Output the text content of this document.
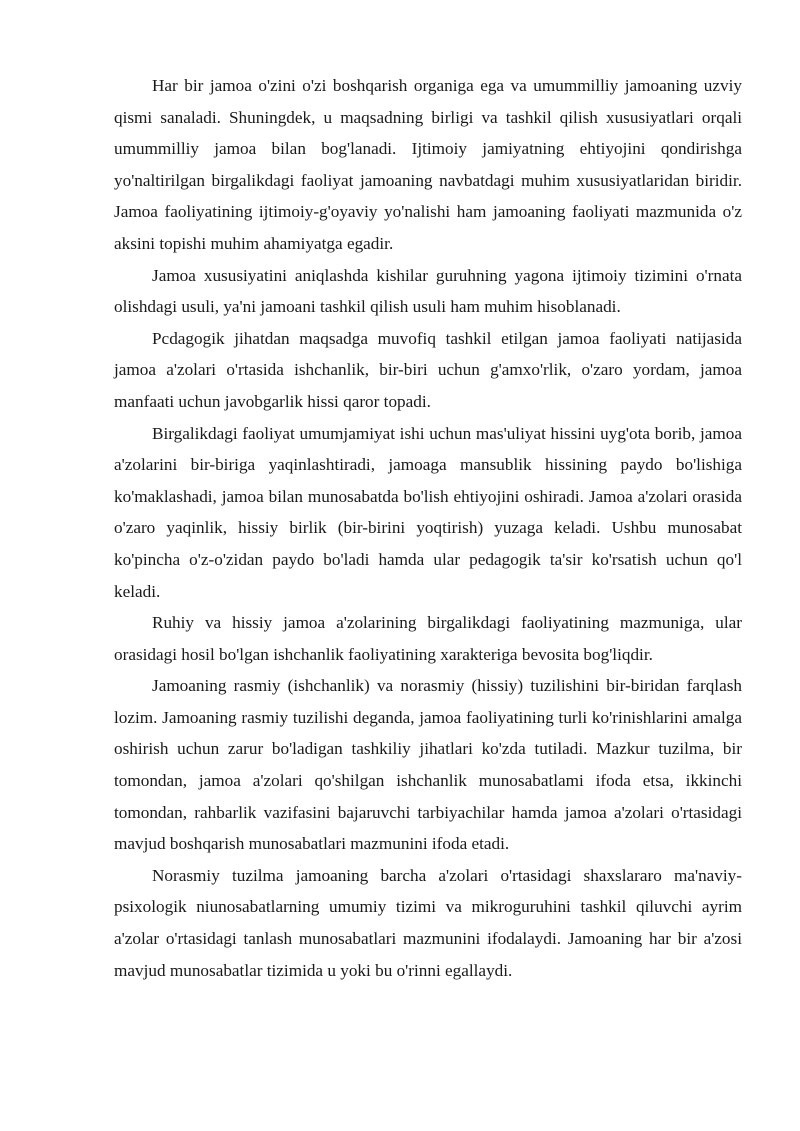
Har bir jamoa o'zini o'zi boshqarish organiga ega va umummilliy jamoaning uzviy qismi sanaladi. Shuningdek, u maqsadning birligi va tashkil qilish xususiyatlari orqali umummilliy jamoa bilan bog'lanadi. Ijtimoiy jamiyatning ehtiyojini qondirishga yo'naltirilgan birgalikdagi faoliyat jamoaning navbatdagi muhim xususiyatlaridan biridir. Jamoa faoliyatining ijtimoiy-g'oyaviy yo'nalishi ham jamoaning faoliyati mazmunida o'z aksini topishi muhim ahamiyatga egadir.

Jamoa xususiyatini aniqlashda kishilar guruhning yagona ijtimoiy tizimini o'rnata olishdagi usuli, ya'ni jamoani tashkil qilish usuli ham muhim hisoblanadi.

Pcdagogik jihatdan maqsadga muvofiq tashkil etilgan jamoa faoliyati natijasida jamoa a'zolari o'rtasida ishchanlik, bir-biri uchun g'amxo'rlik, o'zaro yordam, jamoa manfaati uchun javobgarlik hissi qaror topadi.

Birgalikdagi faoliyat umumjamiyat ishi uchun mas'uliyat hissini uyg'ota borib, jamoa a'zolarini bir-biriga yaqinlashtiradi, jamoaga mansublik hissining paydo bo'lishiga ko'maklashadi, jamoa bilan munosabatda bo'lish ehtiyojini oshiradi. Jamoa a'zolari orasida o'zaro yaqinlik, hissiy birlik (bir-birini yoqtirish) yuzaga keladi. Ushbu munosabat ko'pincha o'z-o'zidan paydo bo'ladi hamda ular pedagogik ta'sir ko'rsatish uchun qo'l keladi.

Ruhiy va hissiy jamoa a'zolarining birgalikdagi faoliyatining mazmuniga, ular orasidagi hosil bo'lgan ishchanlik faoliyatining xarakteriga bevosita bog'liqdir.

Jamoaning rasmiy (ishchanlik) va norasmiy (hissiy) tuzilishini bir-biridan farqlash lozim. Jamoaning rasmiy tuzilishi deganda, jamoa faoliyatining turli ko'rinishlarini amalga oshirish uchun zarur bo'ladigan tashkiliy jihatlari ko'zda tutiladi. Mazkur tuzilma, bir tomondan, jamoa a'zolari qo'shilgan ishchanlik munosabatlami ifoda etsa, ikkinchi tomondan, rahbarlik vazifasini bajaruvchi tarbiyachilar hamda jamoa a'zolari o'rtasidagi mavjud boshqarish munosabatlari mazmunini ifoda etadi.

Norasmiy tuzilma jamoaning barcha a'zolari o'rtasidagi shaxslararo ma'naviy-psixologik niunosabatlarning umumiy tizimi va mikroguruhini tashkil qiluvchi ayrim a'zolar o'rtasidagi tanlash munosabatlari mazmunini ifodalaydi. Jamoaning har bir a'zosi mavjud munosabatlar tizimida u yoki bu o'rinni egallaydi.
